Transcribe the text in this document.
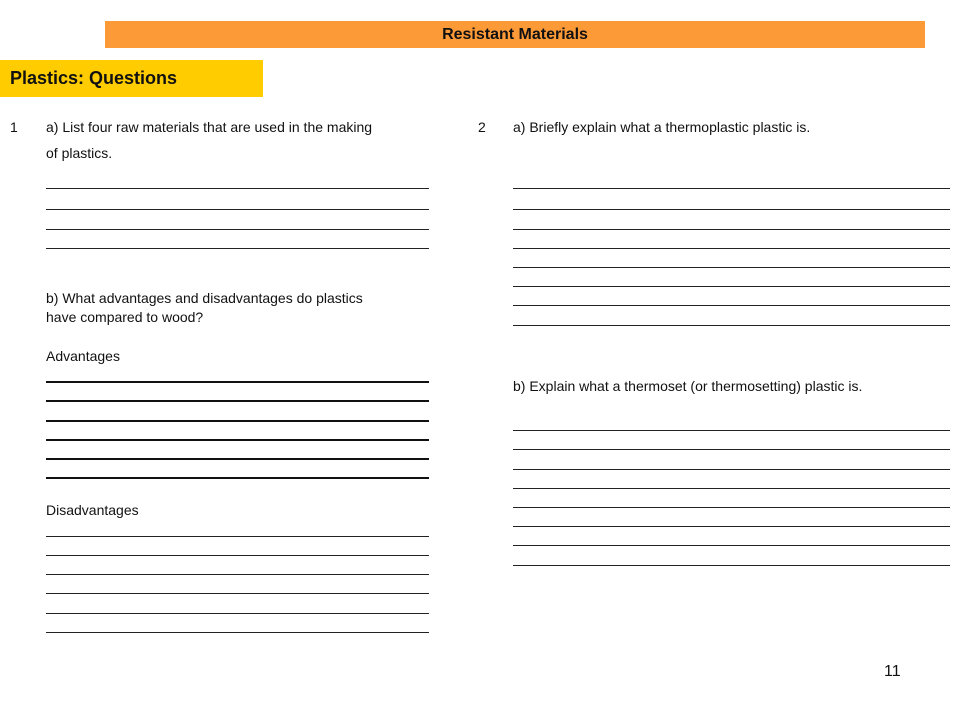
Resistant Materials
Plastics: Questions
1 a) List four raw materials that are used in the making
of plastics.
b) What advantages and disadvantages do plastics
have compared to wood?
Advantages
Disadvantages
2 a) Briefly explain what a thermoplastic plastic is.
b) Explain what a thermoset (or thermosetting) plastic is.
11
